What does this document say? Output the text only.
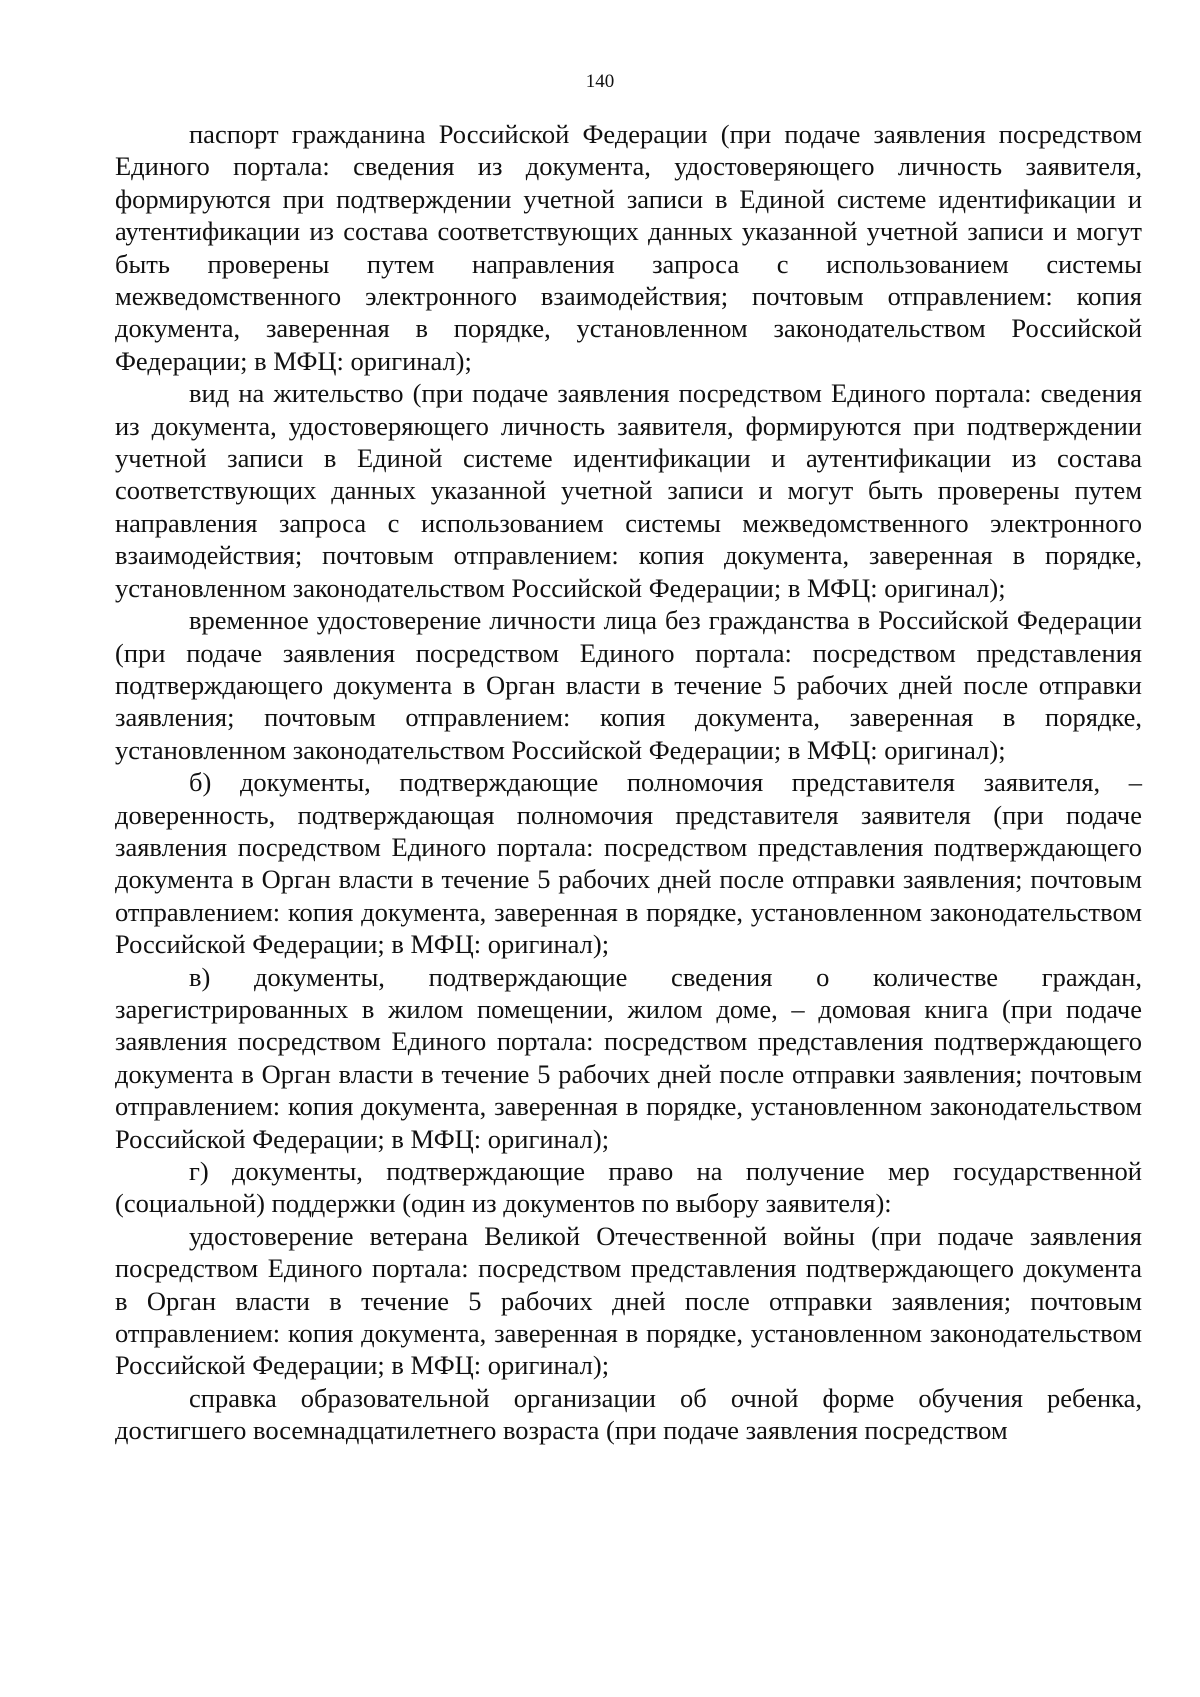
140

паспорт гражданина Российской Федерации (при подаче заявления посредством Единого портала: сведения из документа, удостоверяющего личность заявителя, формируются при подтверждении учетной записи в Единой системе идентификации и аутентификации из состава соответствующих данных указанной учетной записи и могут быть проверены путем направления запроса с использованием системы межведомственного электронного взаимодействия; почтовым отправлением: копия документа, заверенная в порядке, установленном законодательством Российской Федерации; в МФЦ: оригинал);

вид на жительство (при подаче заявления посредством Единого портала: сведения из документа, удостоверяющего личность заявителя, формируются при подтверждении учетной записи в Единой системе идентификации и аутентификации из состава соответствующих данных указанной учетной записи и могут быть проверены путем направления запроса с использованием системы межведомственного электронного взаимодействия; почтовым отправлением: копия документа, заверенная в порядке, установленном законодательством Российской Федерации; в МФЦ: оригинал);

временное удостоверение личности лица без гражданства в Российской Федерации (при подаче заявления посредством Единого портала: посредством представления подтверждающего документа в Орган власти в течение 5 рабочих дней после отправки заявления; почтовым отправлением: копия документа, заверенная в порядке, установленном законодательством Российской Федерации; в МФЦ: оригинал);

б) документы, подтверждающие полномочия представителя заявителя, – доверенность, подтверждающая полномочия представителя заявителя (при подаче заявления посредством Единого портала: посредством представления подтверждающего документа в Орган власти в течение 5 рабочих дней после отправки заявления; почтовым отправлением: копия документа, заверенная в порядке, установленном законодательством Российской Федерации; в МФЦ: оригинал);

в) документы, подтверждающие сведения о количестве граждан, зарегистрированных в жилом помещении, жилом доме, – домовая книга (при подаче заявления посредством Единого портала: посредством представления подтверждающего документа в Орган власти в течение 5 рабочих дней после отправки заявления; почтовым отправлением: копия документа, заверенная в порядке, установленном законодательством Российской Федерации; в МФЦ: оригинал);

г) документы, подтверждающие право на получение мер государственной (социальной) поддержки (один из документов по выбору заявителя):

удостоверение ветерана Великой Отечественной войны (при подаче заявления посредством Единого портала: посредством представления подтверждающего документа в Орган власти в течение 5 рабочих дней после отправки заявления; почтовым отправлением: копия документа, заверенная в порядке, установленном законодательством Российской Федерации; в МФЦ: оригинал);

справка образовательной организации об очной форме обучения ребенка, достигшего восемнадцатилетнего возраста (при подаче заявления посредством
